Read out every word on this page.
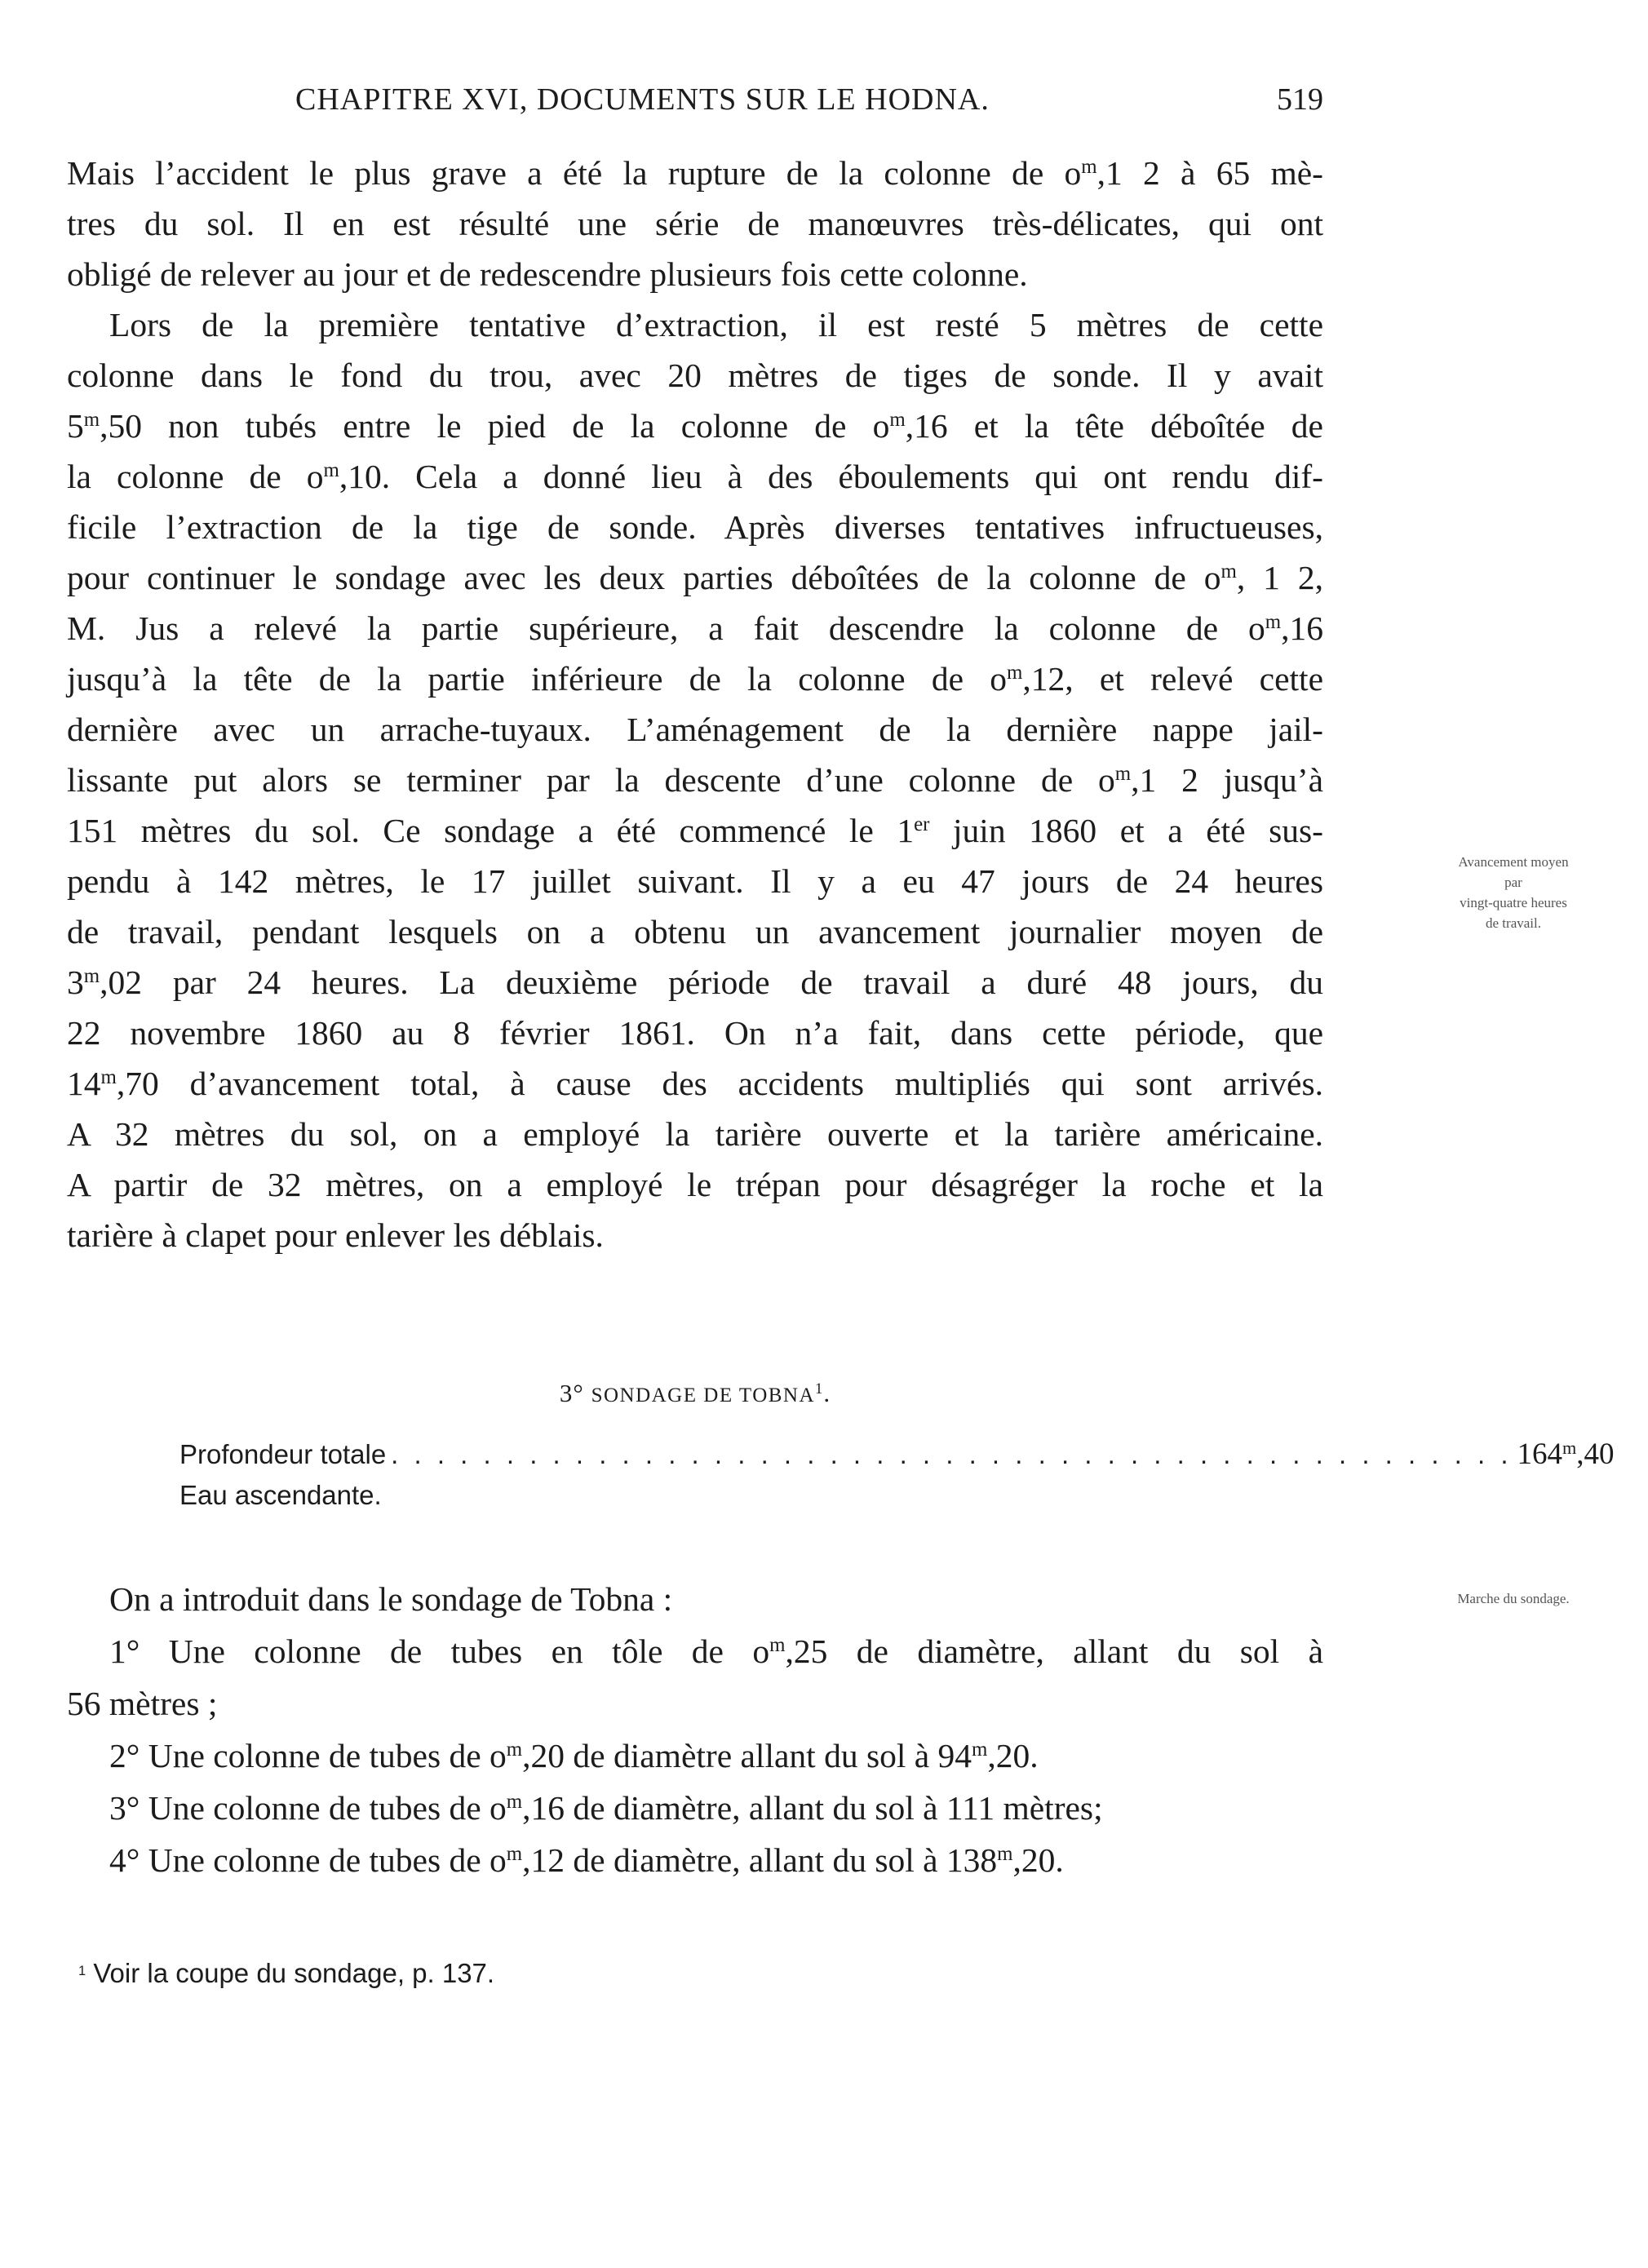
CHAPITRE XVI, DOCUMENTS SUR LE HODNA.	519
Mais l’accident le plus grave a été la rupture de la colonne de $o^m,1$ 2 à 65 mè-
tres du sol. Il en est résulté une série de manœuvres très-délicates, qui ont
obligé de relever au jour et de redescendre plusieurs fois cette colonne.
Lors de la première tentative d’extraction, il est resté 5 mètres de cette
colonne dans le fond du trou, avec 20 mètres de tiges de sonde. Il y avait
5$^m$,50 non tubés entre le pied de la colonne de $o^m,16$ et la tête déboîtée de
la colonne de $o^m,10$. Cela a donné lieu à des éboulements qui ont rendu dif-
ficile l’extraction de la tige de sonde. Après diverses tentatives infructueuses,
pour continuer le sondage avec les deux parties déboîtées de la colonne de $o^m$, 1 2,
M. Jus a relevé la partie supérieure, a fait descendre la colonne de $o^m,16$
jusqu’à la tête de la partie inférieure de la colonne de $o^m,12$, et relevé cette
dernière avec un arrache-tuyaux. L’aménagement de la dernière nappe jail-
lissante put alors se terminer par la descente d’une colonne de $o^m,1$ 2 jusqu’à
151 mètres du sol. Ce sondage a été commencé le 1er juin 1860 et a été sus-
pendu à 142 mètres, le 17 juillet suivant. Il y a eu 47 jours de 24 heures
de travail, pendant lesquels on a obtenu un avancement journalier moyen de
3$^m$,02 par 24 heures. La deuxième période de travail a duré 48 jours, du
22 novembre 1860 au 8 février 1861. On n’a fait, dans cette période, que
14$^m$,70 d’avancement total, à cause des accidents multipliés qui sont arrivés.
A 32 mètres du sol, on a employé la tarière ouverte et la tarière américaine.
A partir de 32 mètres, on a employé le trépan pour désagréger la roche et la
tarière à clapet pour enlever les déblais.
Avancement moyen
par
vingt-quatre heures
de travail.
3° SONDAGE DE TOBNA$^1$.
Profondeur totale . . . . . . . . . . . . . . . . . . . . . . . . . . . . . . . . . . . . . . . . . . . . . . . . . 164$^m$,40
Eau ascendante.
Marche du sondage.
On a introduit dans le sondage de Tobna :
1° Une colonne de tubes en tôle de $o^m,25$ de diamètre, allant du sol à
56 mètres ;
2° Une colonne de tubes de $o^m,20$ de diamètre allant du sol à 94$^m$,20.
3° Une colonne de tubes de $o^m,16$ de diamètre, allant du sol à 111 mètres;
4° Une colonne de tubes de $o^m,12$ de diamètre, allant du sol à 138$^m$,20.
$^1$ Voir la coupe du sondage, p. 137.
